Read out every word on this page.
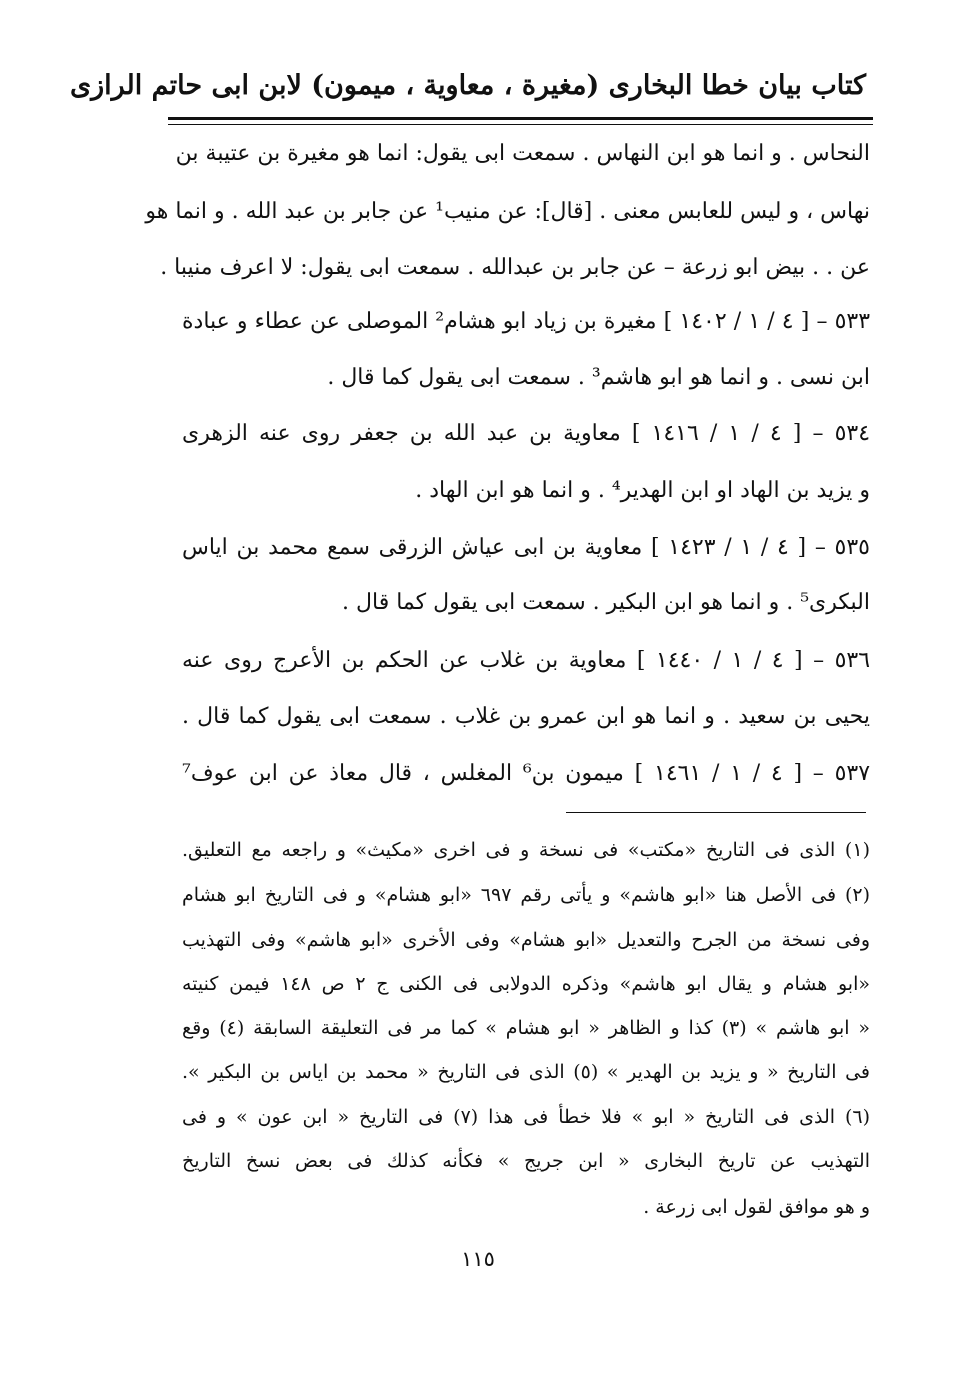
كتاب بيان خطا البخارى (مغيرة ، معاوية ، ميمون) لابن ابى حاتم الرازى
النحاس . و انما هو ابن النهاس . سمعت ابى يقول: انما هو مغيرة بن عتيبة بن
نهاس ، و ليس للعابس معنى . [قال]: عن منيب¹ عن جابر بن عبد الله . و انما هو
عن . . بيض ابو زرعة – عن جابر بن عبدالله . سمعت ابى يقول: لا اعرف منيبا .
٥٣٣ – [ ٤ / ١ / ١٤٠٢ ] مغيرة بن زياد ابو هشام² الموصلى عن عطاء و عبادة
ابن نسى . و انما هو ابو هاشم³ . سمعت ابى يقول كما قال .
٥٣٤ – [ ٤ / ١ / ١٤١٦ ] معاوية بن عبد الله بن جعفر روى عنه الزهرى
و يزيد بن الهاد او ابن الهدير⁴ . و انما هو ابن الهاد .
٥٣٥ – [ ٤ / ١ / ١٤٢٣ ] معاوية بن ابى عياش الزرقى سمع محمد بن اياس
البكرى⁵ . و انما هو ابن البكير . سمعت ابى يقول كما قال .
٥٣٦ – [ ٤ / ١ / ١٤٤٠ ] معاوية بن غلاب عن الحكم بن الأعرج روى عنه
يحيى بن سعيد . و انما هو ابن عمرو بن غلاب . سمعت ابى يقول كما قال .
٥٣٧ – [ ٤ / ١ / ١٤٦١ ] ميمون بن⁶ المغلس ، قال معاذ عن ابن عوف⁷
(١) الذى فى التاريخ «مكتب» فى نسخة و فى اخرى «مكيث» و راجعه مع التعليق.
(٢) فى الأصل هنا «ابو هاشم» و يأتى رقم ٦٩٧ «ابو هشام» و فى التاريخ ابو هشام
وفى نسخة من الجرح والتعديل «ابو هشام» وفى الأخرى «ابو هاشم» وفى التهذيب
«ابو هشام و يقال ابو هاشم» وذكره الدولابى فى الكنى ج ٢ ص ١٤٨ فيمن كنيته
« ابو هاشم » (٣) كذا و الظاهر « ابو هشام » كما مر فى التعليقة السابقة (٤) وقع
فى التاريخ « و يزيد بن الهدير » (٥) الذى فى التاريخ « محمد بن اياس بن البكير ».
(٦) الذى فى التاريخ « ابو » فلا خطأ فى هذا (٧) فى التاريخ « ابن عون » و فى
التهذيب عن تاريخ البخارى « ابن جريج » فكأنه كذلك فى بعض نسخ التاريخ
و هو موافق لقول ابى زرعة .
١١٥
